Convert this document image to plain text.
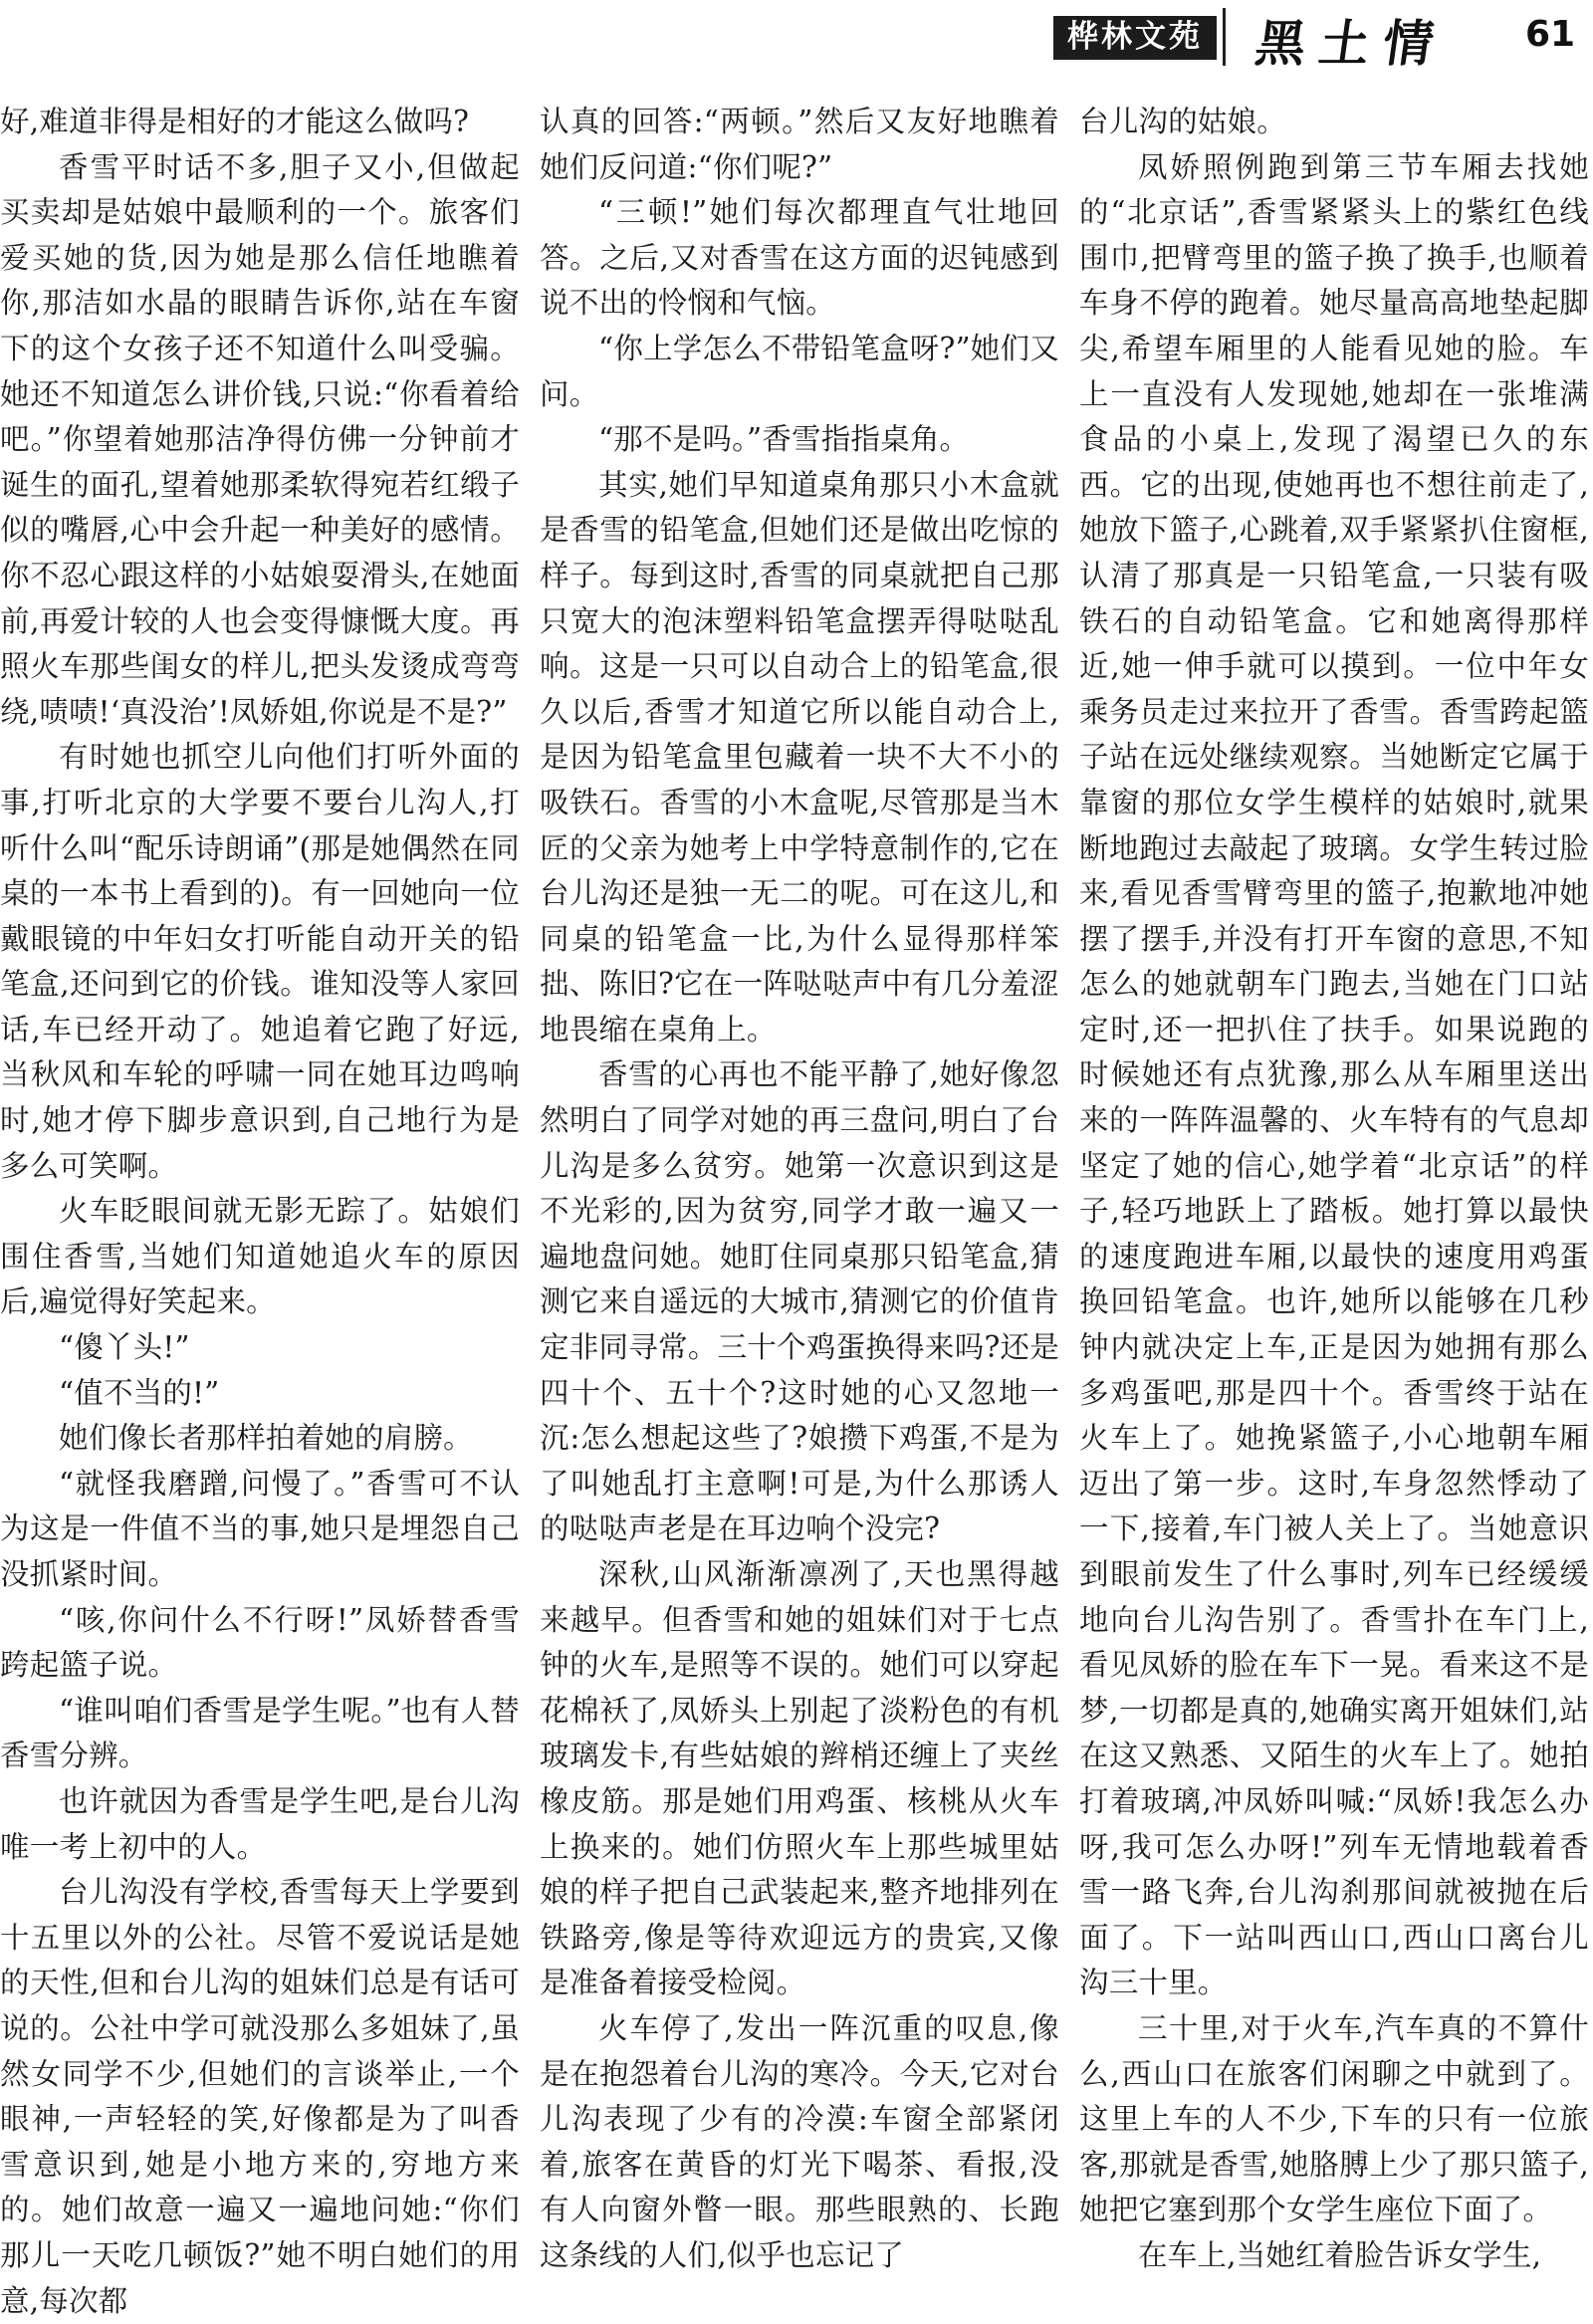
桦林文苑 黑土情 61

好,难道非得是相好的才能这么做吗?

香雪平时话不多,胆子又小,但做起买卖却是姑娘中最顺利的一个。旅客们爱买她的货,因为她是那么信任地瞧着你,那洁如水晶的眼睛告诉你,站在车窗下的这个女孩子还不知道什么叫受骗。她还不知道怎么讲价钱,只说:“你看着给吧。”你望着她那洁净得仿佛一分钟前才诞生的面孔,望着她那柔软得宛若红缎子似的嘴唇,心中会升起一种美好的感情。你不忍心跟这样的小姑娘耍滑头,在她面前,再爱计较的人也会变得慷慨大度。再照火车那些闺女的样儿,把头发烫成弯弯绕,啧啧!‘真没治’!凤娇姐,你说是不是?”

有时她也抓空儿向他们打听外面的事,打听北京的大学要不要台儿沟人,打听什么叫“配乐诗朗诵”(那是她偶然在同桌的一本书上看到的)。有一回她向一位戴眼镜的中年妇女打听能自动开关的铅笔盒,还问到它的价钱。谁知没等人家回话,车已经开动了。她追着它跑了好远,当秋风和车轮的呼啸一同在她耳边鸣响时,她才停下脚步意识到,自己地行为是多么可笑啊。

火车眨眼间就无影无踪了。姑娘们围住香雪,当她们知道她追火车的原因后,遍觉得好笑起来。

“傻丫头!”

“值不当的!”

她们像长者那样拍着她的肩膀。

“就怪我磨蹭,问慢了。”香雪可不认为这是一件值不当的事,她只是埋怨自己没抓紧时间。

“咳,你问什么不行呀!”凤娇替香雪跨起篮子说。

“谁叫咱们香雪是学生呢。”也有人替香雪分辨。

也许就因为香雪是学生吧,是台儿沟唯一考上初中的人。

台儿沟没有学校,香雪每天上学要到十五里以外的公社。尽管不爱说话是她的天性,但和台儿沟的姐妹们总是有话可说的。公社中学可就没那么多姐妹了,虽然女同学不少,但她们的言谈举止,一个眼神,一声轻轻的笑,好像都是为了叫香雪意识到,她是小地方来的,穷地方来的。她们故意一遍又一遍地问她:“你们那儿一天吃几顿饭?”她不明白她们的用意,每次都

认真的回答:“两顿。”然后又友好地瞧着她们反问道:“你们呢?”

“三顿!”她们每次都理直气壮地回答。之后,又对香雪在这方面的迟钝感到说不出的怜悯和气恼。

“你上学怎么不带铅笔盒呀?”她们又问。

“那不是吗。”香雪指指桌角。

其实,她们早知道桌角那只小木盒就是香雪的铅笔盒,但她们还是做出吃惊的样子。每到这时,香雪的同桌就把自己那只宽大的泡沫塑料铅笔盒摆弄得哒哒乱响。这是一只可以自动合上的铅笔盒,很久以后,香雪才知道它所以能自动合上,是因为铅笔盒里包藏着一块不大不小的吸铁石。香雪的小木盒呢,尽管那是当木匠的父亲为她考上中学特意制作的,它在台儿沟还是独一无二的呢。可在这儿,和同桌的铅笔盒一比,为什么显得那样笨拙、陈旧?它在一阵哒哒声中有几分羞涩地畏缩在桌角上。

香雪的心再也不能平静了,她好像忽然明白了同学对她的再三盘问,明白了台儿沟是多么贫穷。她第一次意识到这是不光彩的,因为贫穷,同学才敢一遍又一遍地盘问她。她盯住同桌那只铅笔盒,猜测它来自遥远的大城市,猜测它的价值肯定非同寻常。三十个鸡蛋换得来吗?还是四十个、五十个?这时她的心又忽地一沉:怎么想起这些了?娘攒下鸡蛋,不是为了叫她乱打主意啊!可是,为什么那诱人的哒哒声老是在耳边响个没完?

深秋,山风渐渐凛冽了,天也黑得越来越早。但香雪和她的姐妹们对于七点钟的火车,是照等不误的。她们可以穿起花棉袄了,凤娇头上别起了淡粉色的有机玻璃发卡,有些姑娘的辫梢还缠上了夹丝橡皮筋。那是她们用鸡蛋、核桃从火车上换来的。她们仿照火车上那些城里姑娘的样子把自己武装起来,整齐地排列在铁路旁,像是等待欢迎远方的贵宾,又像是准备着接受检阅。

火车停了,发出一阵沉重的叹息,像是在抱怨着台儿沟的寒冷。今天,它对台儿沟表现了少有的冷漠:车窗全部紧闭着,旅客在黄昏的灯光下喝茶、看报,没有人向窗外瞥一眼。那些眼熟的、长跑这条线的人们,似乎也忘记了

台儿沟的姑娘。

凤娇照例跑到第三节车厢去找她的“北京话”,香雪紧紧头上的紫红色线围巾,把臂弯里的篮子换了换手,也顺着车身不停的跑着。她尽量高高地垫起脚尖,希望车厢里的人能看见她的脸。车上一直没有人发现她,她却在一张堆满食品的小桌上,发现了渴望已久的东西。它的出现,使她再也不想往前走了,她放下篮子,心跳着,双手紧紧扒住窗框,认清了那真是一只铅笔盒,一只装有吸铁石的自动铅笔盒。它和她离得那样近,她一伸手就可以摸到。一位中年女乘务员走过来拉开了香雪。香雪跨起篮子站在远处继续观察。当她断定它属于靠窗的那位女学生模样的姑娘时,就果断地跑过去敲起了玻璃。女学生转过脸来,看见香雪臂弯里的篮子,抱歉地冲她摆了摆手,并没有打开车窗的意思,不知怎么的她就朝车门跑去,当她在门口站定时,还一把扒住了扶手。如果说跑的时候她还有点犹豫,那么从车厢里送出来的一阵阵温馨的、火车特有的气息却坚定了她的信心,她学着“北京话”的样子,轻巧地跃上了踏板。她打算以最快的速度跑进车厢,以最快的速度用鸡蛋换回铅笔盒。也许,她所以能够在几秒钟内就决定上车,正是因为她拥有那么多鸡蛋吧,那是四十个。香雪终于站在火车上了。她挽紧篮子,小心地朝车厢迈出了第一步。这时,车身忽然悸动了一下,接着,车门被人关上了。当她意识到眼前发生了什么事时,列车已经缓缓地向台儿沟告别了。香雪扑在车门上,看见凤娇的脸在车下一晃。看来这不是梦,一切都是真的,她确实离开姐妹们,站在这又熟悉、又陌生的火车上了。她拍打着玻璃,冲凤娇叫喊:“凤娇!我怎么办呀,我可怎么办呀!”列车无情地载着香雪一路飞奔,台儿沟刹那间就被抛在后面了。下一站叫西山口,西山口离台儿沟三十里。

三十里,对于火车,汽车真的不算什么,西山口在旅客们闲聊之中就到了。这里上车的人不少,下车的只有一位旅客,那就是香雪,她胳膊上少了那只篮子,她把它塞到那个女学生座位下面了。

在车上,当她红着脸告诉女学生,
